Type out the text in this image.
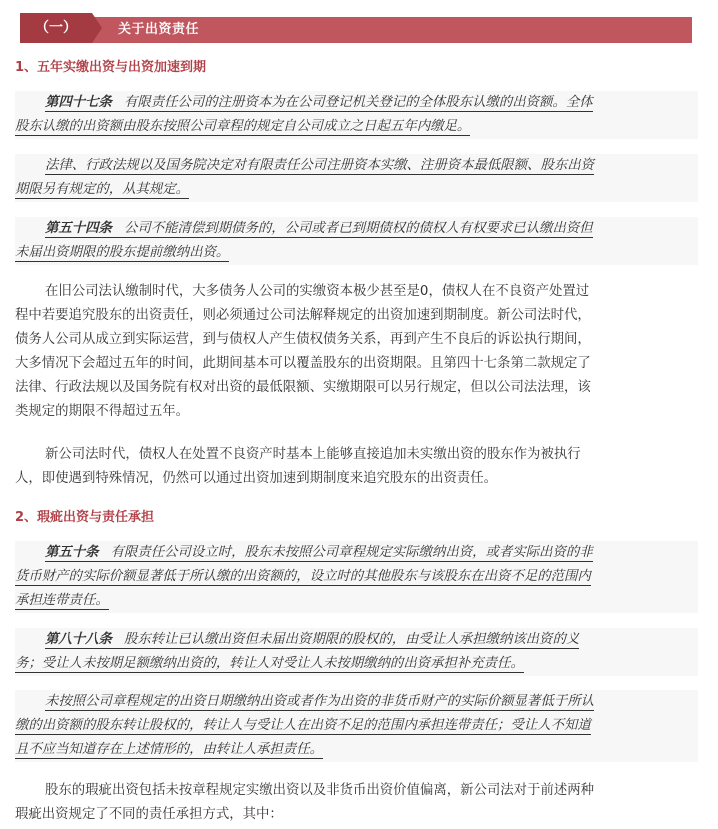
（一）	关于出资责任
1、五年实缴出资与出资加速到期
第四十七条 有限责任公司的注册资本为在公司登记机关登记的全体股东认缴的出资额。全体
股东认缴的出资额由股东按照公司章程的规定自公司成立之日起五年内缴足。
法律、行政法规以及国务院决定对有限责任公司注册资本实缴、注册资本最低限额、股东出资
期限另有规定的，从其规定。
第五十四条 公司不能清偿到期债务的，公司或者已到期债权的债权人有权要求已认缴出资但
未届出资期限的股东提前缴纳出资。
在旧公司法认缴制时代，大多债务人公司的实缴资本极少甚至是0，债权人在不良资产处置过
程中若要追究股东的出资责任，则必须通过公司法解释规定的出资加速到期制度。新公司法时代，
债务人公司从成立到实际运营，到与债权人产生债权债务关系，再到产生不良后的诉讼执行期间，
大多情况下会超过五年的时间，此期间基本可以覆盖股东的出资期限。且第四十七条第二款规定了
法律、行政法规以及国务院有权对出资的最低限额、实缴期限可以另行规定，但以公司法法理，该
类规定的期限不得超过五年。
新公司法时代，债权人在处置不良资产时基本上能够直接追加未实缴出资的股东作为被执行
人，即使遇到特殊情况，仍然可以通过出资加速到期制度来追究股东的出资责任。
2、瑕疵出资与责任承担
第五十条 有限责任公司设立时，股东未按照公司章程规定实际缴纳出资，或者实际出资的非
货币财产的实际价额显著低于所认缴的出资额的，设立时的其他股东与该股东在出资不足的范围内
承担连带责任。
第八十八条 股东转让已认缴出资但未届出资期限的股权的，由受让人承担缴纳该出资的义
务；受让人未按期足额缴纳出资的，转让人对受让人未按期缴纳的出资承担补充责任。
未按照公司章程规定的出资日期缴纳出资或者作为出资的非货币财产的实际价额显著低于所认
缴的出资额的股东转让股权的，转让人与受让人在出资不足的范围内承担连带责任；受让人不知道
且不应当知道存在上述情形的，由转让人承担责任。
股东的瑕疵出资包括未按章程规定实缴出资以及非货币出资价值偏离，新公司法对于前述两种
瑕疵出资规定了不同的责任承担方式，其中：
